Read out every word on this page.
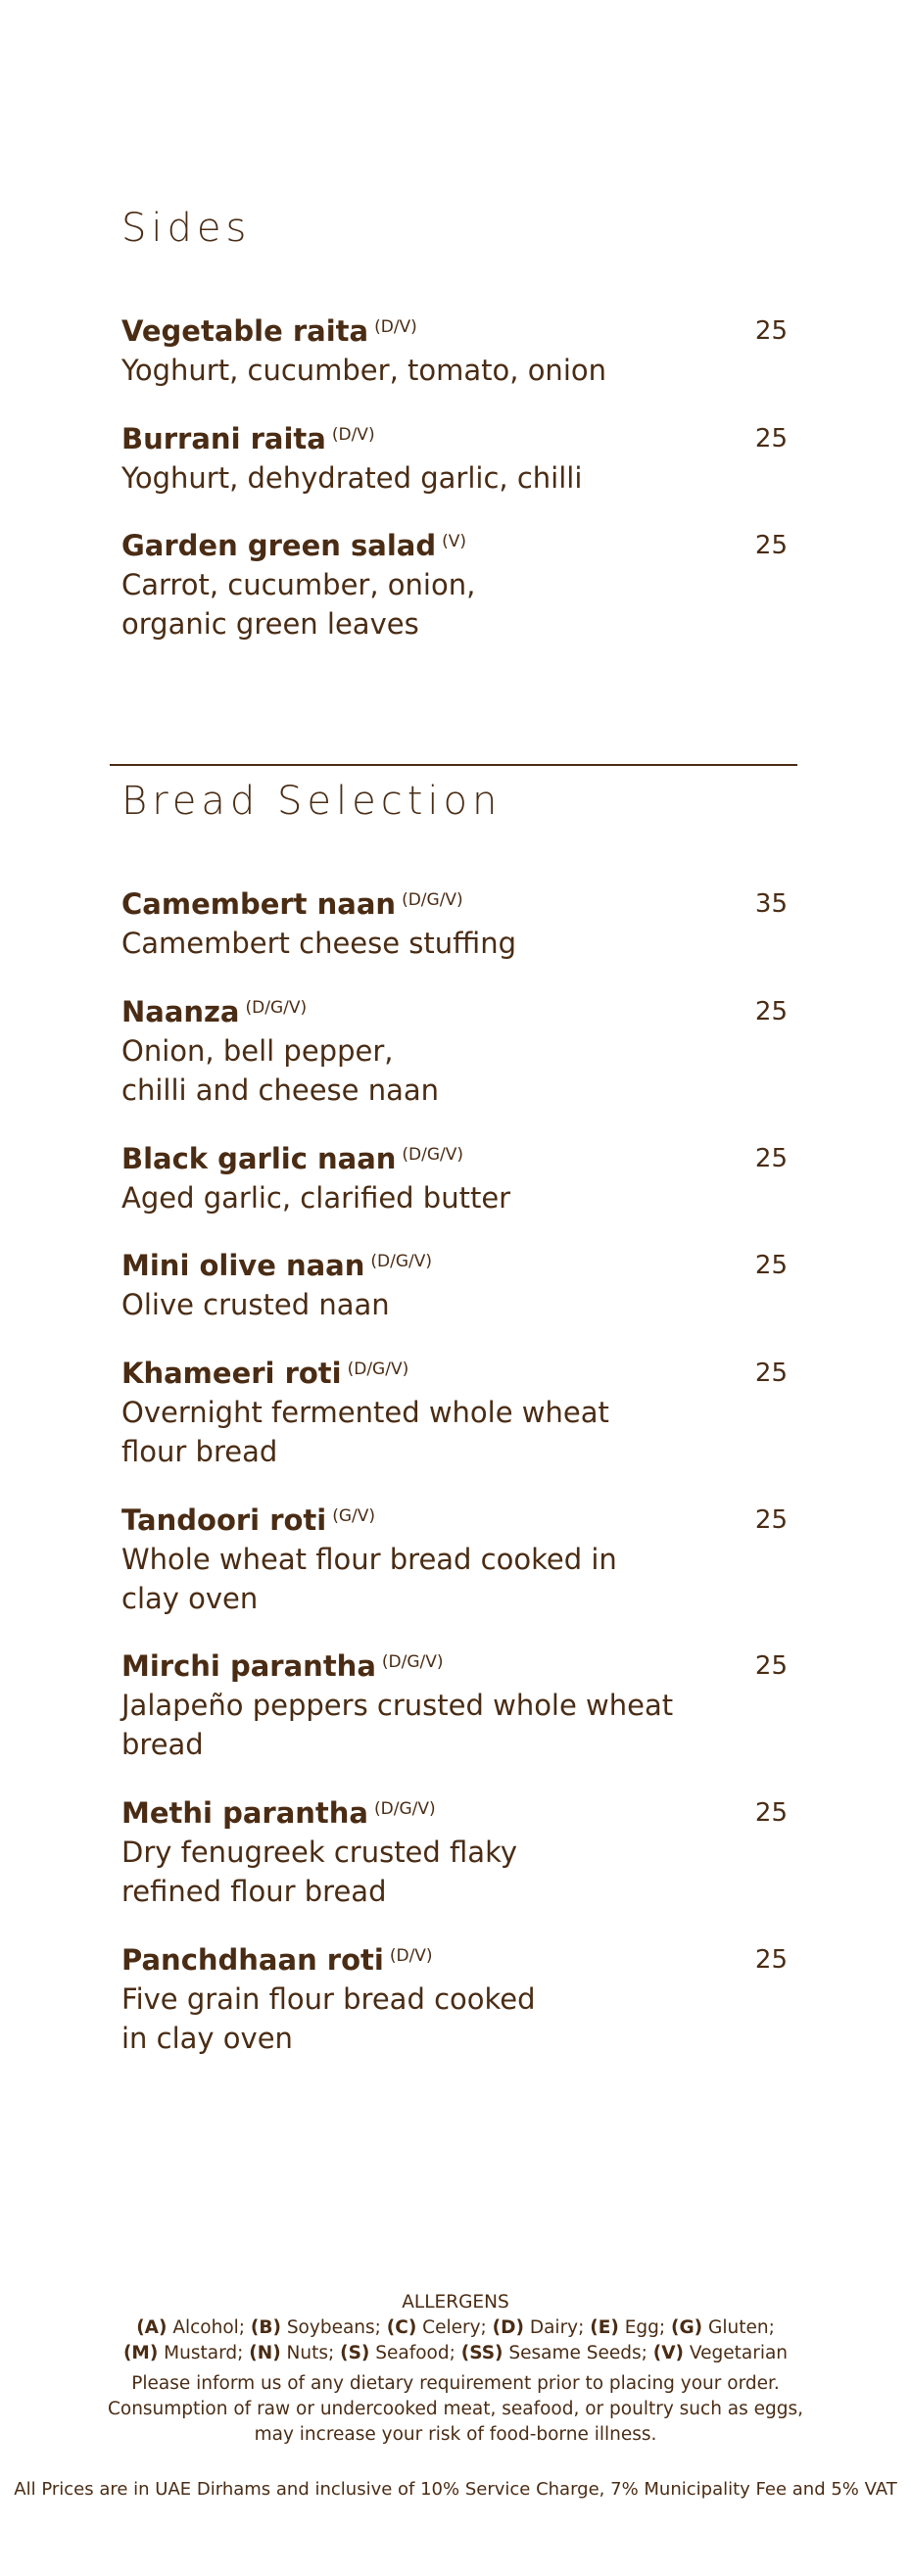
Sides
Vegetable raita $^{(D/V)}$
Yoghurt, cucumber, tomato, onion
25
Burrani raita $^{(D/V)}$
Yoghurt, dehydrated garlic, chilli
25
Garden green salad $^{(V)}$
Carrot, cucumber, onion,
organic green leaves
25
Bread Selection
Camembert naan $^{(D/G/V)}$
Camembert cheese stuffing
35
Naanza $^{(D/G/V)}$
Onion, bell pepper,
chilli and cheese naan
25
Black garlic naan $^{(D/G/V)}$
Aged garlic, clarified butter
25
Mini olive naan $^{(D/G/V)}$
Olive crusted naan
25
Khameeri roti $^{(D/G/V)}$
Overnight fermented whole wheat
flour bread
25
Tandoori roti $^{(G/V)}$
Whole wheat flour bread cooked in
clay oven
25
Mirchi parantha $^{(D/G/V)}$
Jalapeño peppers crusted whole wheat
bread
25
Methi parantha $^{(D/G/V)}$
Dry fenugreek crusted flaky
refined flour bread
25
Panchdhaan roti $^{(D/V)}$
Five grain flour bread cooked
in clay oven
25
ALLERGENS
(A) Alcohol; (B) Soybeans; (C) Celery; (D) Dairy; (E) Egg; (G) Gluten;
(M) Mustard; (N) Nuts; (S) Seafood; (SS) Sesame Seeds; (V) Vegetarian
Please inform us of any dietary requirement prior to placing your order.
Consumption of raw or undercooked meat, seafood, or poultry such as eggs,
may increase your risk of food-borne illness.
All Prices are in UAE Dirhams and inclusive of 10% Service Charge, 7% Municipality Fee and 5% VAT
